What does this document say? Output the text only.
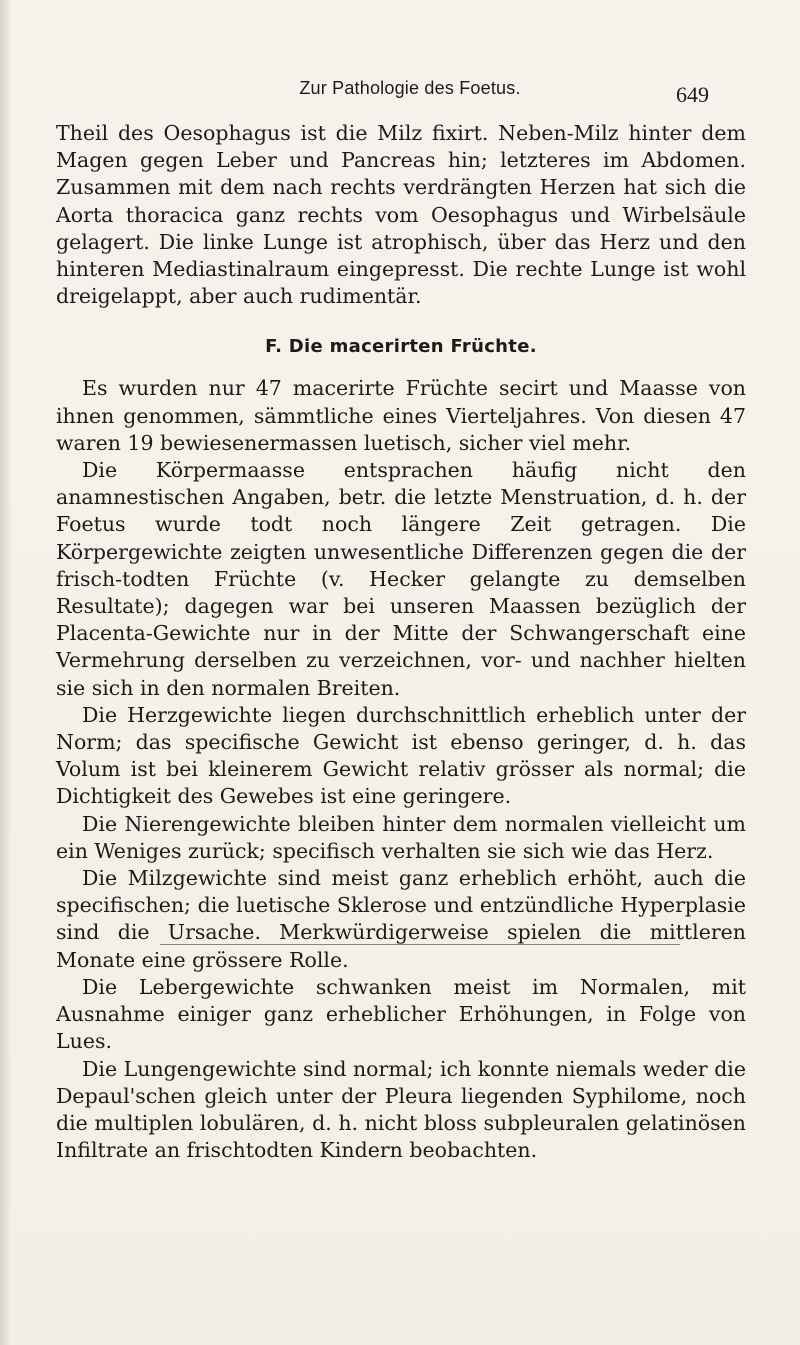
Zur Pathologie des Foetus.	649

Theil des Oesophagus ist die Milz fixirt. Neben-Milz hinter dem Magen gegen Leber und Pancreas hin; letzteres im Abdomen. Zusammen mit dem nach rechts verdrängten Herzen hat sich die Aorta thoracica ganz rechts vom Oesophagus und Wirbelsäule gelagert. Die linke Lunge ist atrophisch, über das Herz und den hinteren Mediastinalraum eingepresst. Die rechte Lunge ist wohl dreigelappt, aber auch rudimentär.

F. Die macerirten Früchte.

Es wurden nur 47 macerirte Früchte secirt und Maasse von ihnen genommen, sämmtliche eines Vierteljahres. Von diesen 47 waren 19 bewiesenermassen luetisch, sicher viel mehr.

Die Körpermaasse entsprachen häufig nicht den anamnestischen Angaben, betr. die letzte Menstruation, d. h. der Foetus wurde todt noch längere Zeit getragen. Die Körpergewichte zeigten unwesentliche Differenzen gegen die der frisch-todten Früchte (v. Hecker gelangte zu demselben Resultate); dagegen war bei unseren Maassen bezüglich der Placenta-Gewichte nur in der Mitte der Schwangerschaft eine Vermehrung derselben zu verzeichnen, vor- und nachher hielten sie sich in den normalen Breiten.

Die Herzgewichte liegen durchschnittlich erheblich unter der Norm; das specifische Gewicht ist ebenso geringer, d. h. das Volum ist bei kleinerem Gewicht relativ grösser als normal; die Dichtigkeit des Gewebes ist eine geringere.

Die Nierengewichte bleiben hinter dem normalen vielleicht um ein Weniges zurück; specifisch verhalten sie sich wie das Herz.

Die Milzgewichte sind meist ganz erheblich erhöht, auch die specifischen; die luetische Sklerose und entzündliche Hyperplasie sind die Ursache. Merkwürdigerweise spielen die mittleren Monate eine grössere Rolle.

Die Lebergewichte schwanken meist im Normalen, mit Ausnahme einiger ganz erheblicher Erhöhungen, in Folge von Lues.

Die Lungengewichte sind normal; ich konnte niemals weder die Depaul'schen gleich unter der Pleura liegenden Syphilome, noch die multiplen lobulären, d. h. nicht bloss subpleuralen gelatinösen Infiltrate an frischtodten Kindern beobachten.
